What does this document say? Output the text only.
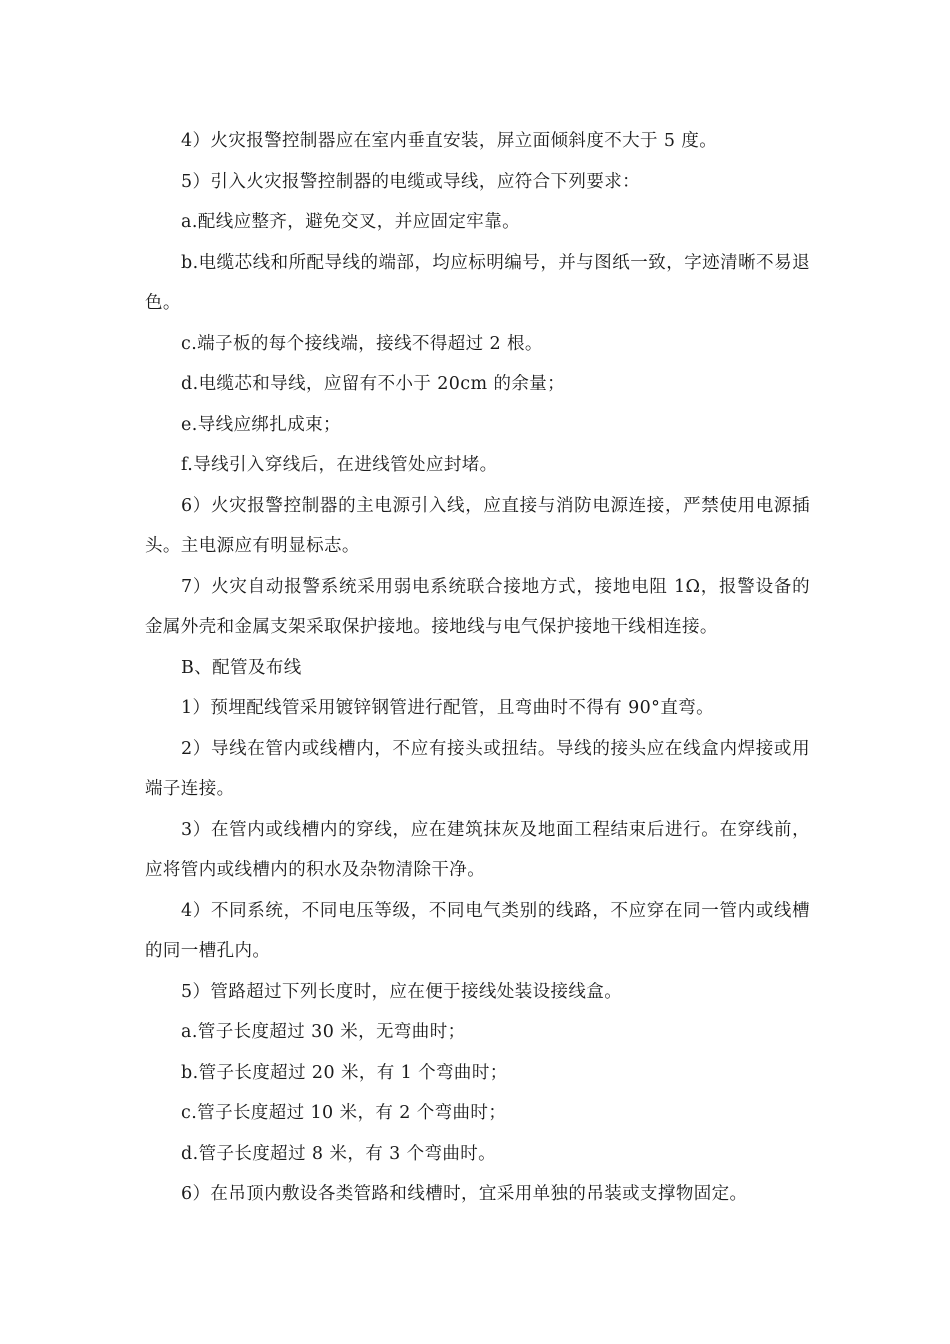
4）火灾报警控制器应在室内垂直安装，屏立面倾斜度不大于 5 度。

5）引入火灾报警控制器的电缆或导线，应符合下列要求：

a.配线应整齐，避免交叉，并应固定牢靠。

b.电缆芯线和所配导线的端部，均应标明编号，并与图纸一致，字迹清晰不易退色。

c.端子板的每个接线端，接线不得超过 2 根。

d.电缆芯和导线，应留有不小于 20cm 的余量；

e.导线应绑扎成束；

f.导线引入穿线后，在进线管处应封堵。

6）火灾报警控制器的主电源引入线，应直接与消防电源连接，严禁使用电源插头。主电源应有明显标志。

7）火灾自动报警系统采用弱电系统联合接地方式，接地电阻 1Ω，报警设备的金属外壳和金属支架采取保护接地。接地线与电气保护接地干线相连接。

B、配管及布线

1）预埋配线管采用镀锌钢管进行配管，且弯曲时不得有 90°直弯。

2）导线在管内或线槽内，不应有接头或扭结。导线的接头应在线盒内焊接或用端子连接。

3）在管内或线槽内的穿线，应在建筑抹灰及地面工程结束后进行。在穿线前，应将管内或线槽内的积水及杂物清除干净。

4）不同系统，不同电压等级，不同电气类别的线路，不应穿在同一管内或线槽的同一槽孔内。

5）管路超过下列长度时，应在便于接线处装设接线盒。

a.管子长度超过 30 米，无弯曲时；

b.管子长度超过 20 米，有 1 个弯曲时；

c.管子长度超过 10 米，有 2 个弯曲时；

d.管子长度超过 8 米，有 3 个弯曲时。

6）在吊顶内敷设各类管路和线槽时，宜采用单独的吊装或支撑物固定。
